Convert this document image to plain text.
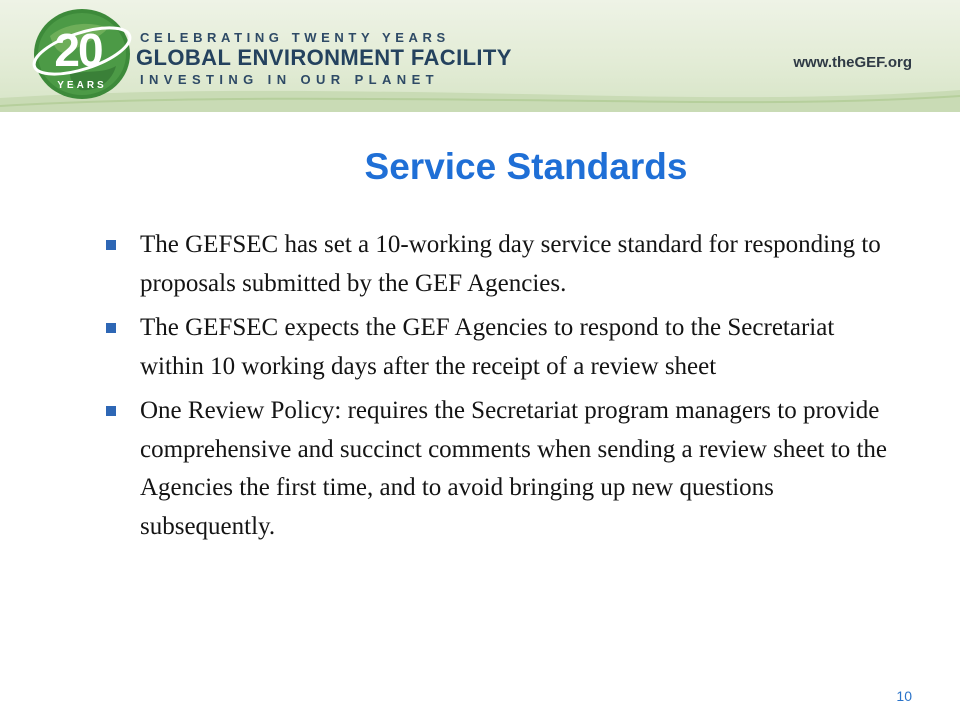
20
YEARS
CELEBRATING TWENTY YEARS
GLOBAL ENVIRONMENT FACILITY
INVESTING IN OUR PLANET
www.theGEF.org
Service Standards
The GEFSEC has set a 10-working day service standard for responding to proposals submitted by the GEF Agencies.
The GEFSEC expects the GEF Agencies to respond to the Secretariat within 10 working days after the receipt of a review sheet
One Review Policy: requires the Secretariat program managers to provide comprehensive and succinct comments when sending a review sheet to the Agencies the first time, and to avoid bringing up new questions subsequently.
10
